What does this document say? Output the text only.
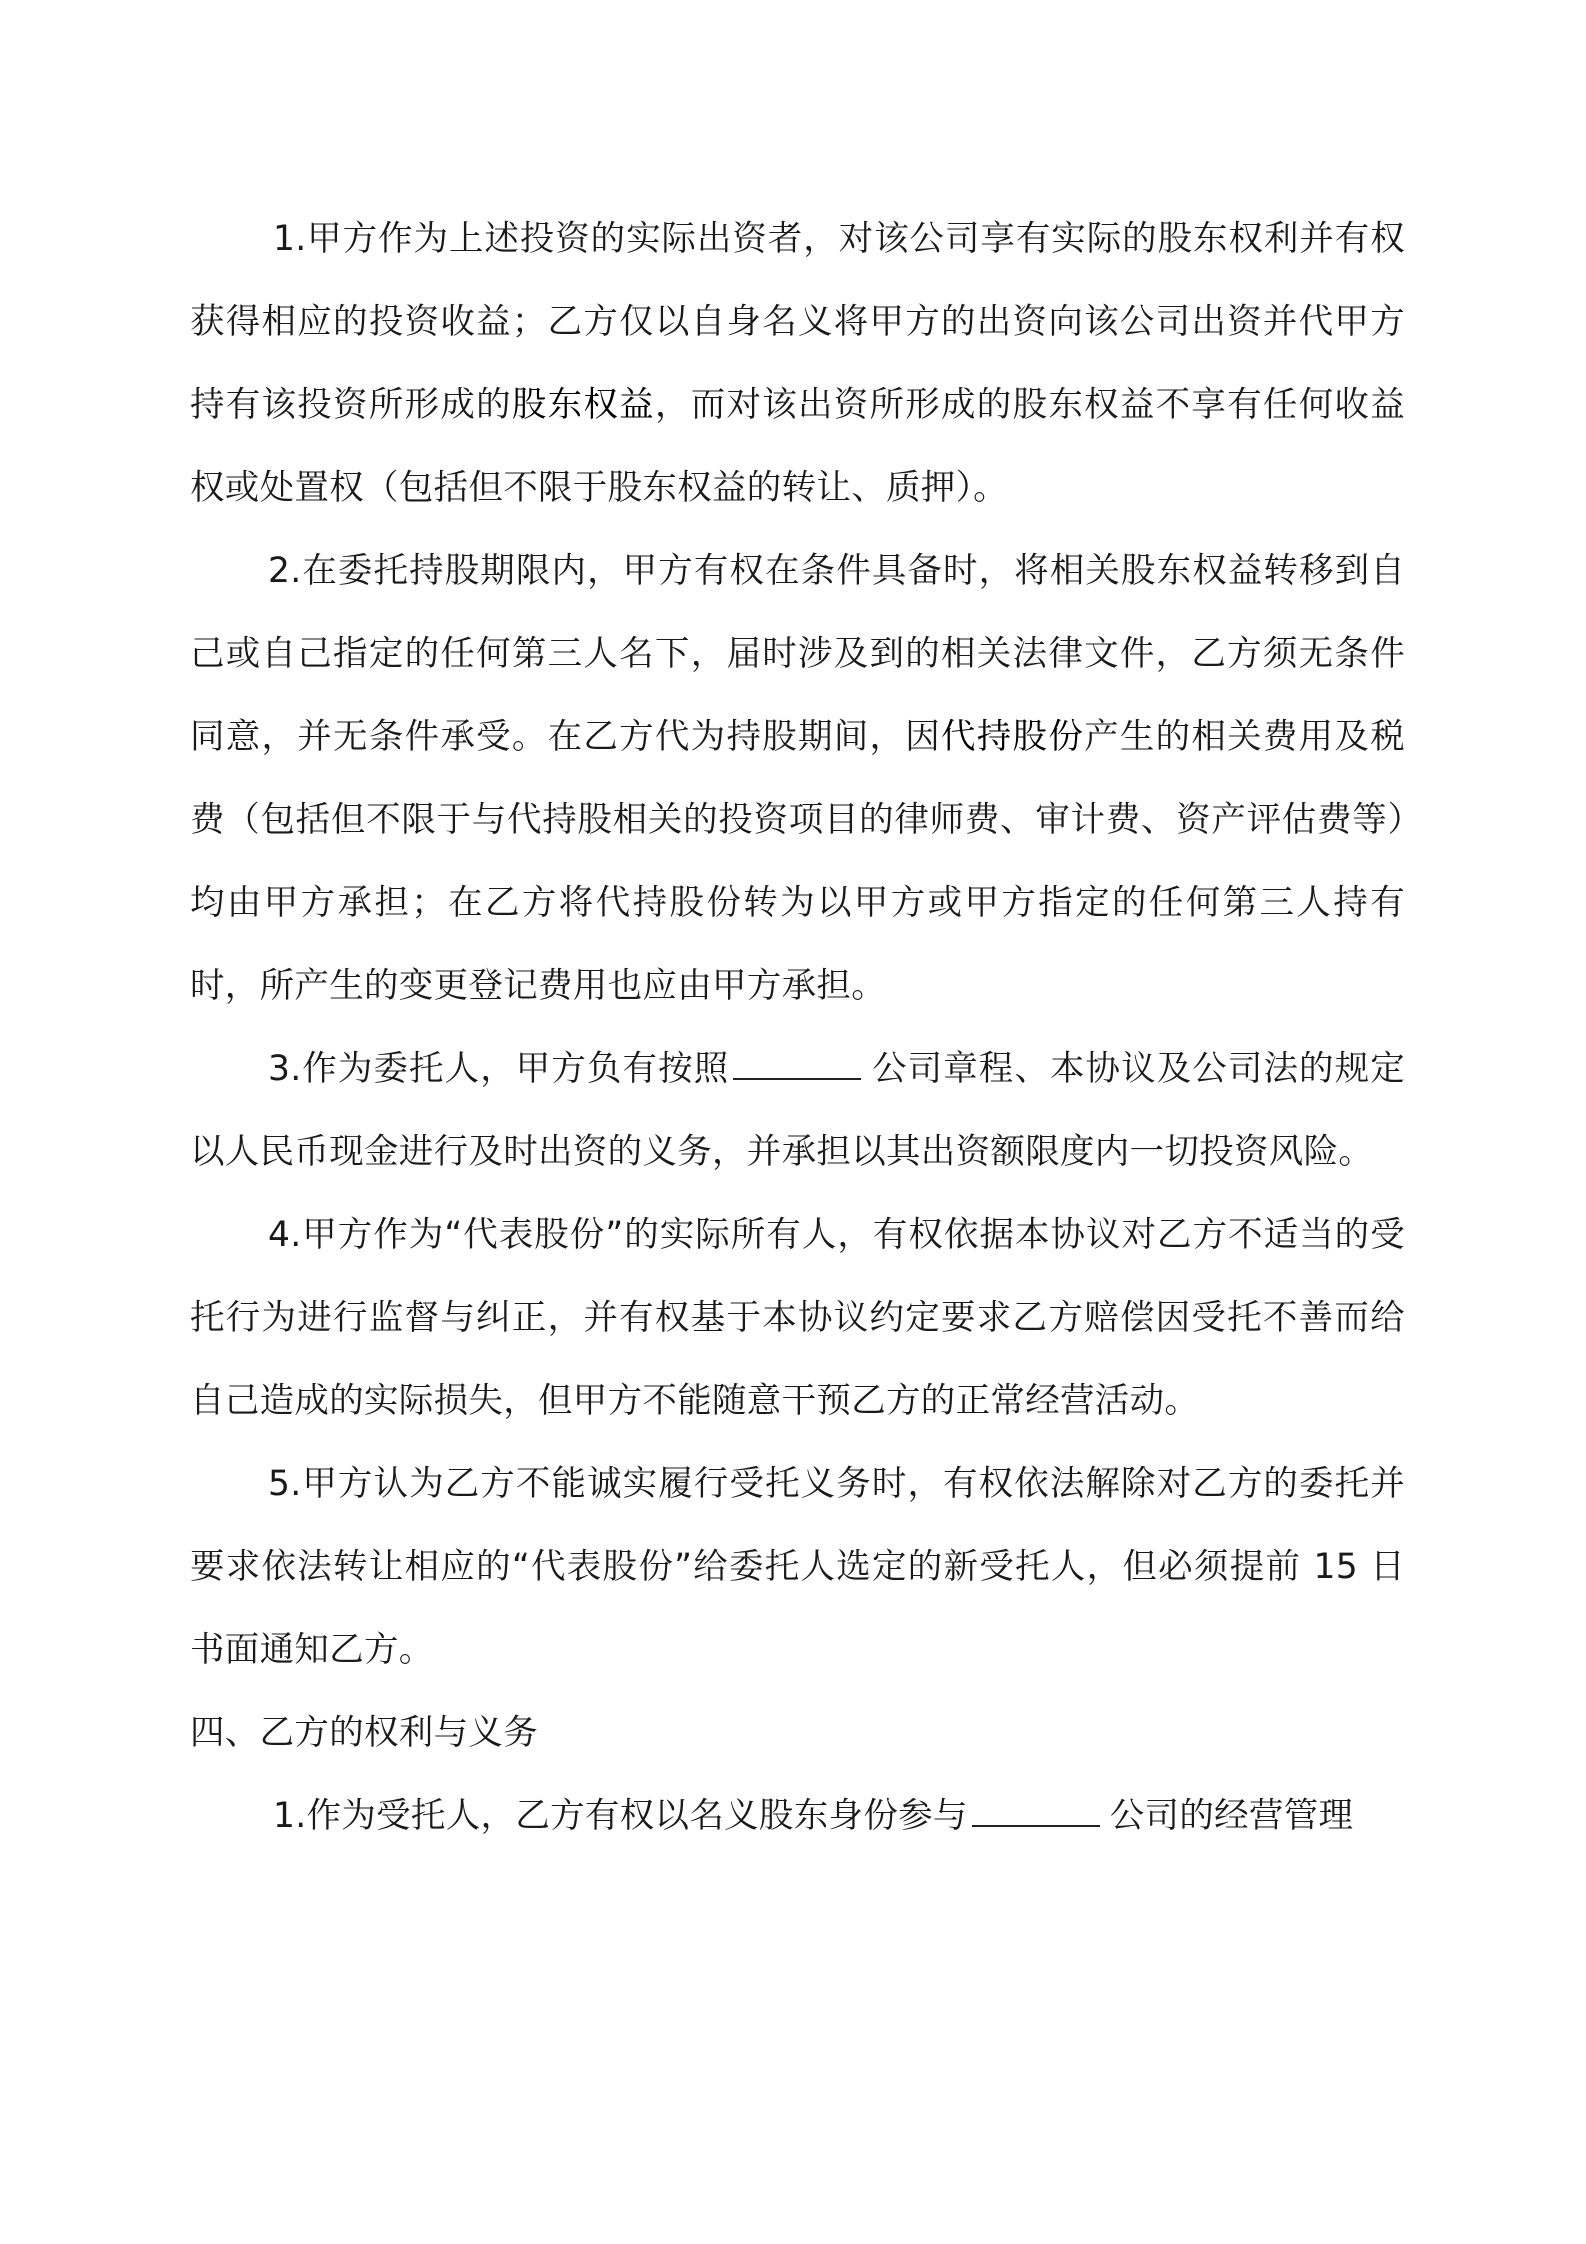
1.甲方作为上述投资的实际出资者，对该公司享有实际的股东权利并有权获得相应的投资收益；乙方仅以自身名义将甲方的出资向该公司出资并代甲方持有该投资所形成的股东权益，而对该出资所形成的股东权益不享有任何收益权或处置权（包括但不限于股东权益的转让、质押）。

2.在委托持股期限内，甲方有权在条件具备时，将相关股东权益转移到自己或自己指定的任何第三人名下，届时涉及到的相关法律文件，乙方须无条件同意，并无条件承受。在乙方代为持股期间，因代持股份产生的相关费用及税费（包括但不限于与代持股相关的投资项目的律师费、审计费、资产评估费等）均由甲方承担；在乙方将代持股份转为以甲方或甲方指定的任何第三人持有时，所产生的变更登记费用也应由甲方承担。

3.作为委托人，甲方负有按照	公司章程、本协议及公司法的规定以人民币现金进行及时出资的义务，并承担以其出资额限度内一切投资风险。

4.甲方作为“代表股份”的实际所有人，有权依据本协议对乙方不适当的受托行为进行监督与纠正，并有权基于本协议约定要求乙方赔偿因受托不善而给自己造成的实际损失，但甲方不能随意干预乙方的正常经营活动。

5.甲方认为乙方不能诚实履行受托义务时，有权依法解除对乙方的委托并要求依法转让相应的“代表股份”给委托人选定的新受托人，但必须提前 15 日书面通知乙方。

四、乙方的权利与义务

1.作为受托人，乙方有权以名义股东身份参与	公司的经营管理
